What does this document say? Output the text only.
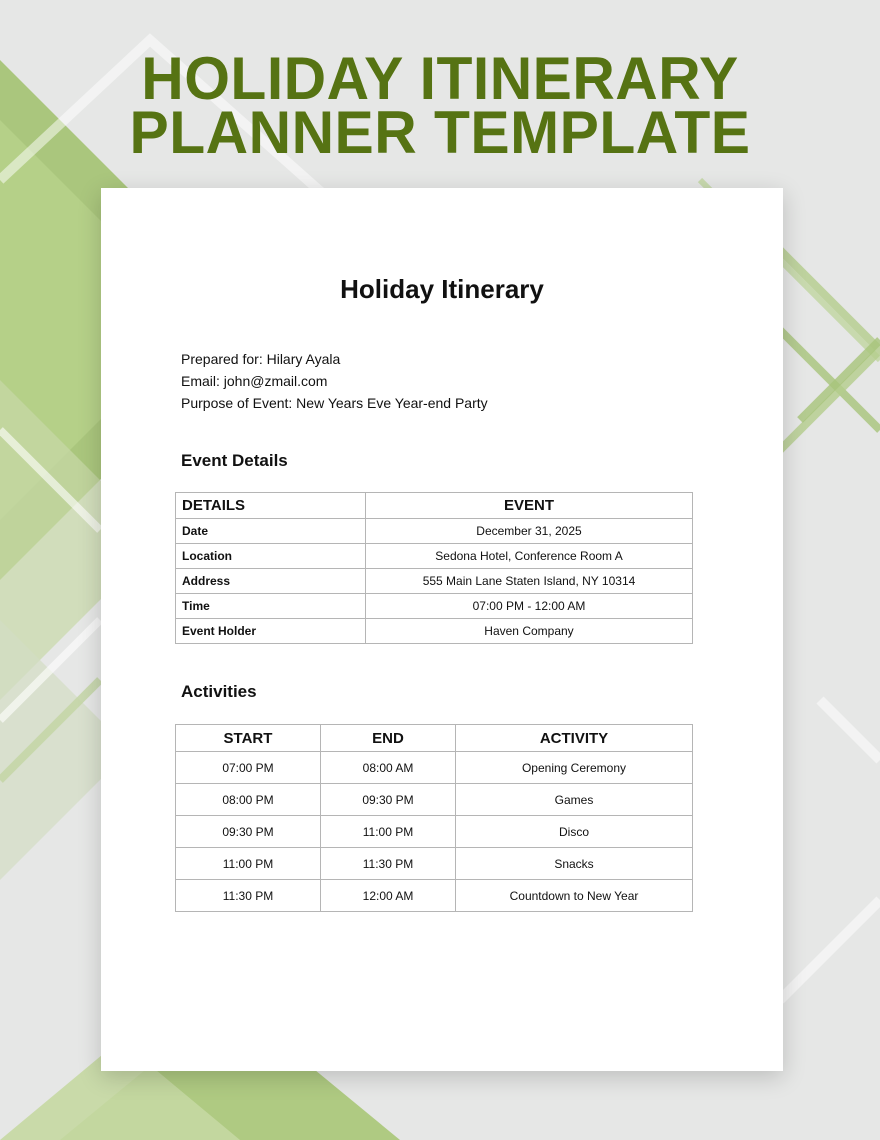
HOLIDAY ITINERARY
PLANNER TEMPLATE
Holiday Itinerary
Prepared for: Hilary Ayala
Email: john@zmail.com
Purpose of Event: New Years Eve Year-end Party
Event Details
DETAILS	EVENT
Date	December 31, 2025
Location	Sedona Hotel, Conference Room A
Address	555 Main Lane Staten Island, NY 10314
Time	07:00 PM - 12:00 AM
Event Holder	Haven Company
Activities
START	END	ACTIVITY
07:00 PM	08:00 AM	Opening Ceremony
08:00 PM	09:30 PM	Games
09:30 PM	11:00 PM	Disco
11:00 PM	11:30 PM	Snacks
11:30 PM	12:00 AM	Countdown to New Year
